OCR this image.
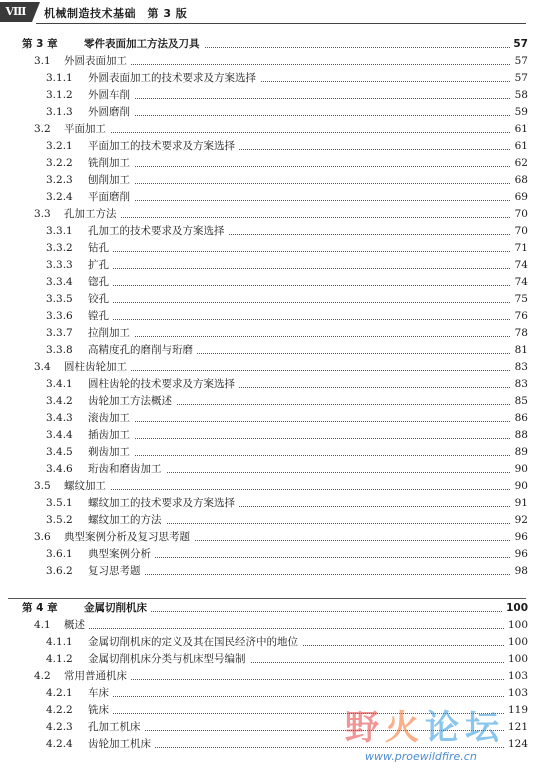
Ⅷ	机械制造技术基础　第 3 版
第 3 章	零件表面加工方法及刀具	57
3.1 外圆表面加工	57
3.1.1 外圆表面加工的技术要求及方案选择	57
3.1.2 外圆车削	58
3.1.3 外圆磨削	59
3.2 平面加工	61
3.2.1 平面加工的技术要求及方案选择	61
3.2.2 铣削加工	62
3.2.3 刨削加工	68
3.2.4 平面磨削	69
3.3 孔加工方法	70
3.3.1 孔加工的技术要求及方案选择	70
3.3.2 钻孔	71
3.3.3 扩孔	74
3.3.4 锪孔	74
3.3.5 铰孔	75
3.3.6 镗孔	76
3.3.7 拉削加工	78
3.3.8 高精度孔的磨削与珩磨	81
3.4 圆柱齿轮加工	83
3.4.1 圆柱齿轮的技术要求及方案选择	83
3.4.2 齿轮加工方法概述	85
3.4.3 滚齿加工	86
3.4.4 插齿加工	88
3.4.5 剃齿加工	89
3.4.6 珩齿和磨齿加工	90
3.5 螺纹加工	90
3.5.1 螺纹加工的技术要求及方案选择	91
3.5.2 螺纹加工的方法	92
3.6 典型案例分析及复习思考题	96
3.6.1 典型案例分析	96
3.6.2 复习思考题	98
第 4 章	金属切削机床	100
4.1 概述	100
4.1.1 金属切削机床的定义及其在国民经济中的地位	100
4.1.2 金属切削机床分类与机床型号编制	100
4.2 常用普通机床	103
4.2.1 车床	103
4.2.2 铣床	119
4.2.3 孔加工机床	121
4.2.4 齿轮加工机床	124
野火论坛
www.proewildfire.cn
